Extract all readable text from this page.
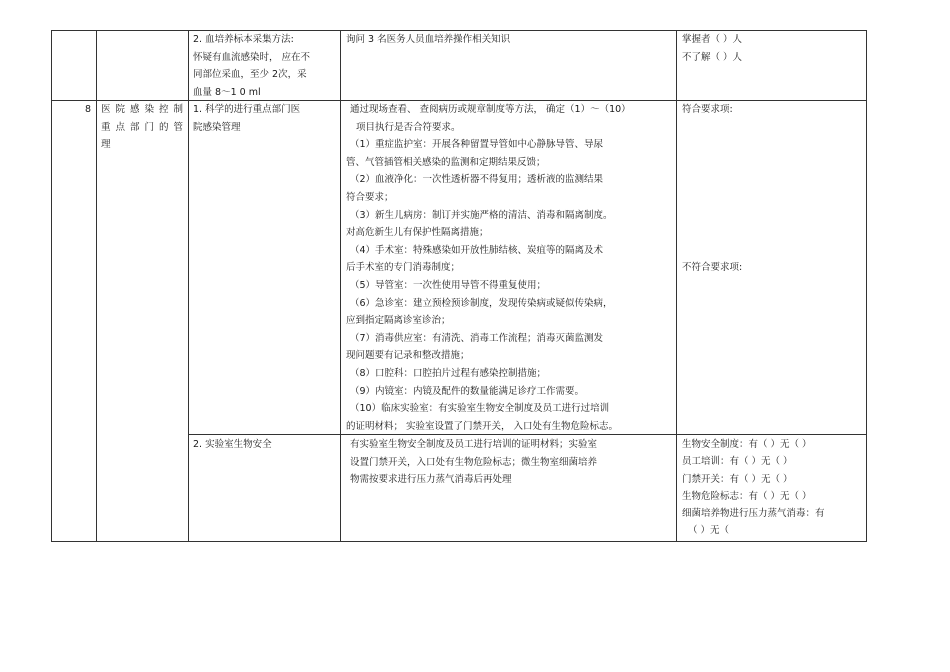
2. 血培养标本采集方法:
怀疑有血流感染时， 应在不
同部位采血，至少 2次，采
血量 8～1 0 ml
询问 3 名医务人员血培养操作相关知识	掌握者（ ）人
不了解（ ）人
8 医 院 感 染 控 制
重 点 部 门 的 管
理
1. 科学的进行重点部门医
院感染管理
通过现场查看、 查阅病历或规章制度等方法， 确定（1）～（10）
项目执行是否合符要求。
（1）重症监护室：开展各种留置导管如中心静脉导管、导尿
管、气管插管相关感染的监测和定期结果反馈；
（2）血液净化：一次性透析器不得复用；透析液的监测结果
符合要求；
（3）新生儿病房：制订并实施严格的清洁、消毒和隔离制度。
对高危新生儿有保护性隔离措施；
（4）手术室：特殊感染如开放性肺结核、炭疽等的隔离及术
后手术室的专门消毒制度；
（5）导管室：一次性使用导管不得重复使用；
（6）急诊室：建立预检预诊制度，发现传染病或疑似传染病，
应到指定隔离诊室诊治；
（7）消毒供应室：有清洗、消毒工作流程；消毒灭菌监测发
现问题要有记录和整改措施；
（8）口腔科：口腔拍片过程有感染控制措施；
（9）内镜室：内镜及配件的数量能满足诊疗工作需要。
（10）临床实验室：有实验室生物安全制度及员工进行过培训
的证明材料； 实验室设置了门禁开关， 入口处有生物危险标志。
符合要求项:
不符合要求项:
2. 实验室生物安全	有实验室生物安全制度及员工进行培训的证明材料；实验室
设置门禁开关，入口处有生物危险标志；微生物室细菌培养
物需按要求进行压力蒸气消毒后再处理
生物安全制度：有（ ）无（ ）
员工培训：有（ ）无（ ）
门禁开关：有（ ）无（ ）
生物危险标志：有（ ）无（ ）
细菌培养物进行压力蒸气消毒：有
（ ）无（
